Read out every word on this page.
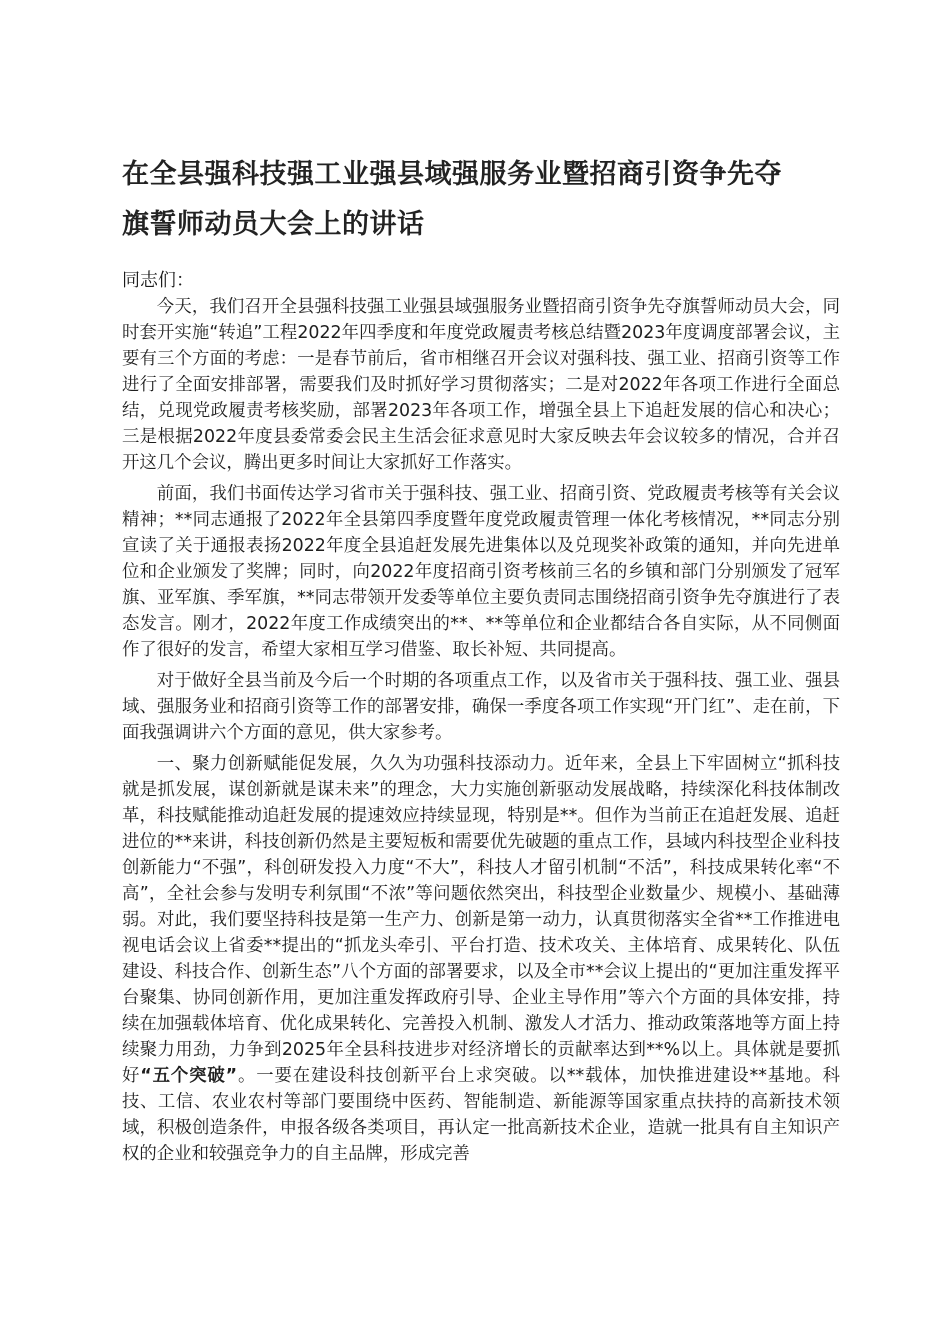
在全县强科技强工业强县域强服务业暨招商引资争先夺
旗誓师动员大会上的讲话

同志们：

今天，我们召开全县强科技强工业强县域强服务业暨招商引资争先夺旗誓师动员大会，同时套开实施“转追”工程2022年四季度和年度党政履责考核总结暨2023年度调度部署会议，主要有三个方面的考虑：一是春节前后，省市相继召开会议对强科技、强工业、招商引资等工作进行了全面安排部署，需要我们及时抓好学习贯彻落实；二是对2022年各项工作进行全面总结，兑现党政履责考核奖励，部署2023年各项工作，增强全县上下追赶发展的信心和决心；三是根据2022年度县委常委会民主生活会征求意见时大家反映去年会议较多的情况，合并召开这几个会议，腾出更多时间让大家抓好工作落实。

前面，我们书面传达学习省市关于强科技、强工业、招商引资、党政履责考核等有关会议精神；**同志通报了2022年全县第四季度暨年度党政履责管理一体化考核情况，**同志分别宣读了关于通报表扬2022年度全县追赶发展先进集体以及兑现奖补政策的通知，并向先进单位和企业颁发了奖牌；同时，向2022年度招商引资考核前三名的乡镇和部门分别颁发了冠军旗、亚军旗、季军旗，**同志带领开发委等单位主要负责同志围绕招商引资争先夺旗进行了表态发言。刚才，2022年度工作成绩突出的**、**等单位和企业都结合各自实际，从不同侧面作了很好的发言，希望大家相互学习借鉴、取长补短、共同提高。

对于做好全县当前及今后一个时期的各项重点工作，以及省市关于强科技、强工业、强县域、强服务业和招商引资等工作的部署安排，确保一季度各项工作实现“开门红”、走在前，下面我强调讲六个方面的意见，供大家参考。

一、聚力创新赋能促发展，久久为功强科技添动力。近年来，全县上下牢固树立“抓科技就是抓发展，谋创新就是谋未来”的理念，大力实施创新驱动发展战略，持续深化科技体制改革，科技赋能推动追赶发展的提速效应持续显现，特别是**。但作为当前正在追赶发展、追赶进位的**来讲，科技创新仍然是主要短板和需要优先破题的重点工作，县域内科技型企业科技创新能力“不强”，科创研发投入力度“不大”，科技人才留引机制“不活”，科技成果转化率“不高”，全社会参与发明专利氛围“不浓”等问题依然突出，科技型企业数量少、规模小、基础薄弱。对此，我们要坚持科技是第一生产力、创新是第一动力，认真贯彻落实全省**工作推进电视电话会议上省委**提出的“抓龙头牵引、平台打造、技术攻关、主体培育、成果转化、队伍建设、科技合作、创新生态”八个方面的部署要求，以及全市**会议上提出的“更加注重发挥平台聚集、协同创新作用，更加注重发挥政府引导、企业主导作用”等六个方面的具体安排，持续在加强载体培育、优化成果转化、完善投入机制、激发人才活力、推动政策落地等方面上持续聚力用劲，力争到2025年全县科技进步对经济增长的贡献率达到**%以上。具体就是要抓好“五个突破”。一要在建设科技创新平台上求突破。以**载体，加快推进建设**基地。科技、工信、农业农村等部门要围绕中医药、智能制造、新能源等国家重点扶持的高新技术领域，积极创造条件，申报各级各类项目，再认定一批高新技术企业，造就一批具有自主知识产权的企业和较强竞争力的自主品牌，形成完善
